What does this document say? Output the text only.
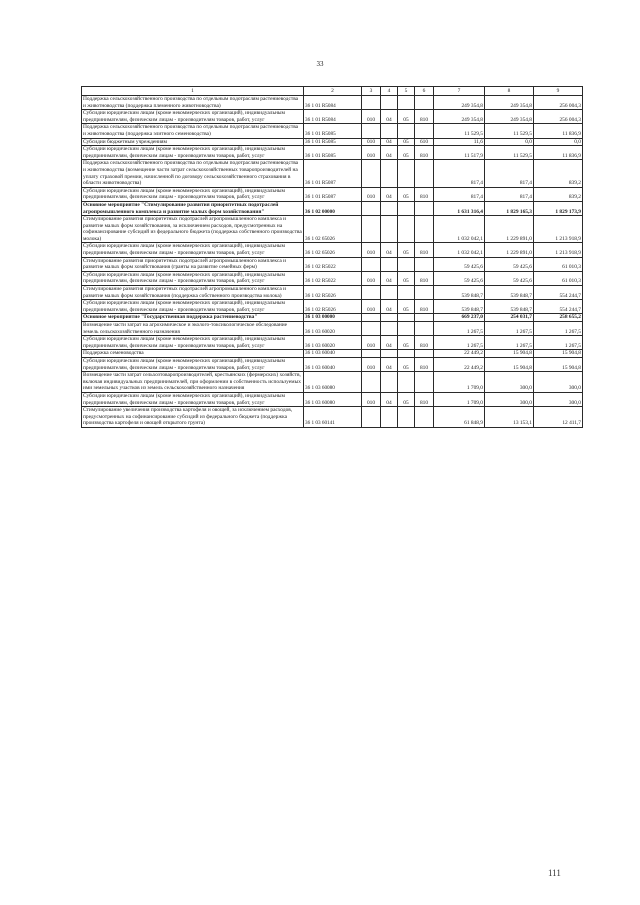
33
1	2	3	4	5	6	7	8	9
Поддержка сельскохозяйственного производства по отдельным подотраслям растениеводства и животноводства (поддержка племенного животноводства)	36 1 01 R5084					249 354,8	249 354,8	256 004,3
Субсидии юридическим лицам (кроме некоммерческих организаций), индивидуальным предпринимателям, физическим лицам - производителям товаров, работ, услуг	36 1 01 R5084	010	04	05	810	249 354,8	249 354,8	256 004,3
Поддержка сельскохозяйственного производства по отдельным подотраслям растениеводства и животноводства (поддержка элитного семеноводства)	36 1 01 R5085					11 529,5	11 529,5	11 836,9
Субсидии бюджетным учреждениям	36 1 01 R5085	010	04	05	610	11,6	0,0	0,0
Субсидии юридическим лицам (кроме некоммерческих организаций), индивидуальным предпринимателям, физическим лицам - производителям товаров, работ, услуг	36 1 01 R5085	010	04	05	810	11 517,9	11 529,5	11 836,9
Поддержка сельскохозяйственного производства по отдельным подотраслям растениеводства и животноводства (возмещение части затрат сельскохозяйственных товаропроизводителей на уплату страховой премии, начисленной по договору сельскохозяйственного страхования в области животноводства)	36 1 01 R5087					817,4	817,4	839,2
Субсидии юридическим лицам (кроме некоммерческих организаций), индивидуальным предпринимателям, физическим лицам - производителям товаров, работ, услуг	36 1 01 R5087	010	04	05	810	817,4	817,4	839,2
Основное мероприятие "Стимулирование развития приоритетных подотраслей агропромышленного комплекса и развитие малых форм хозяйствования"	36 1 02 00000					1 631 316,4	1 829 165,3	1 829 173,9
Стимулирование развития приоритетных подотраслей агропромышленного комплекса и развитие малых форм хозяйствования, за исключением расходов, предусмотренных на софинансирование субсидий из федерального бюджета (поддержка собственного производства молока)	36 1 02 65026					1 032 042,1	1 229 891,0	1 213 918,9
Субсидии юридическим лицам (кроме некоммерческих организаций), индивидуальным предпринимателям, физическим лицам - производителям товаров, работ, услуг	36 1 02 65026	010	04	05	810	1 032 042,1	1 229 891,0	1 213 918,9
Стимулирование развития приоритетных подотраслей агропромышленного комплекса и развитие малых форм хозяйствования (гранты на развитие семейных ферм)	36 1 02 R5022					59 425,6	59 425,6	61 010,3
Субсидии юридическим лицам (кроме некоммерческих организаций), индивидуальным предпринимателям, физическим лицам - производителям товаров, работ, услуг	36 1 02 R5022	010	04	05	810	59 425,6	59 425,6	61 010,3
Стимулирование развития приоритетных подотраслей агропромышленного комплекса и развитие малых форм хозяйствования (поддержка собственного производства молока)	36 1 02 R5026					539 848,7	539 848,7	554 244,7
Субсидии юридическим лицам (кроме некоммерческих организаций), индивидуальным предпринимателям, физическим лицам - производителям товаров, работ, услуг	36 1 02 R5026	010	04	05	810	539 848,7	539 848,7	554 244,7
Основное мероприятие "Государственная поддержка растениеводства"	36 1 03 00000					669 237,0	254 031,7	258 655,2
Возмещение части затрат на агрохимическое и эколого-токсикологическое обследование земель сельскохозяйственного назначения	36 1 03 60020					1 267,5	1 267,5	1 267,5
Субсидии юридическим лицам (кроме некоммерческих организаций), индивидуальным предпринимателям, физическим лицам - производителям товаров, работ, услуг	36 1 03 60020	010	04	05	810	1 267,5	1 267,5	1 267,5
Поддержка семеноводства	36 1 03 60040					22 449,2	15 904,8	15 904,8
Субсидии юридическим лицам (кроме некоммерческих организаций), индивидуальным предпринимателям, физическим лицам - производителям товаров, работ, услуг	36 1 03 60040	010	04	05	810	22 449,2	15 904,8	15 904,8
Возмещение части затрат сельхозтоваропроизводителей, крестьянских (фермерских) хозяйств, включая индивидуальных предпринимателей, при оформлении в собственность используемых ими земельных участков из земель сельскохозяйственного назначения	36 1 03 60080					1 709,0	300,0	300,0
Субсидии юридическим лицам (кроме некоммерческих организаций), индивидуальным предпринимателям, физическим лицам - производителям товаров, работ, услуг	36 1 03 60080	010	04	05	810	1 709,0	300,0	300,0
Стимулирование увеличения производства картофеля и овощей, за исключением расходов, предусмотренных на софинансирование субсидий из федерального бюджета (поддержка производства картофеля и овощей открытого грунта)	36 1 03 60141					61 848,9	13 153,1	12 411,7
111
